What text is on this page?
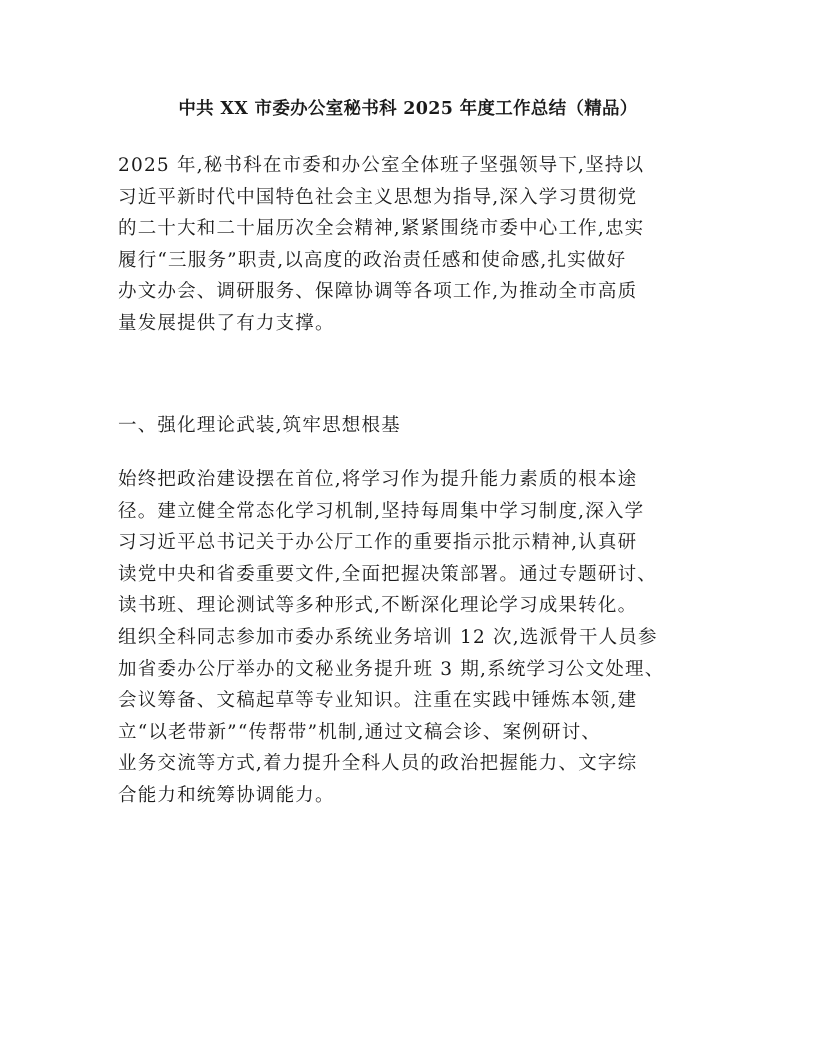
中共 XX 市委办公室秘书科 2025 年度工作总结（精品）
2025 年,秘书科在市委和办公室全体班子坚强领导下,坚持以
习近平新时代中国特色社会主义思想为指导,深入学习贯彻党
的二十大和二十届历次全会精神,紧紧围绕市委中心工作,忠实
履行“三服务”职责,以高度的政治责任感和使命感,扎实做好
办文办会、调研服务、保障协调等各项工作,为推动全市高质
量发展提供了有力支撑。
一、强化理论武装,筑牢思想根基
始终把政治建设摆在首位,将学习作为提升能力素质的根本途
径。建立健全常态化学习机制,坚持每周集中学习制度,深入学
习习近平总书记关于办公厅工作的重要指示批示精神,认真研
读党中央和省委重要文件,全面把握决策部署。通过专题研讨、
读书班、理论测试等多种形式,不断深化理论学习成果转化。
组织全科同志参加市委办系统业务培训 12 次,选派骨干人员参
加省委办公厅举办的文秘业务提升班 3 期,系统学习公文处理、
会议筹备、文稿起草等专业知识。注重在实践中锤炼本领,建
立“以老带新”“传帮带”机制,通过文稿会诊、案例研讨、
业务交流等方式,着力提升全科人员的政治把握能力、文字综
合能力和统筹协调能力。
